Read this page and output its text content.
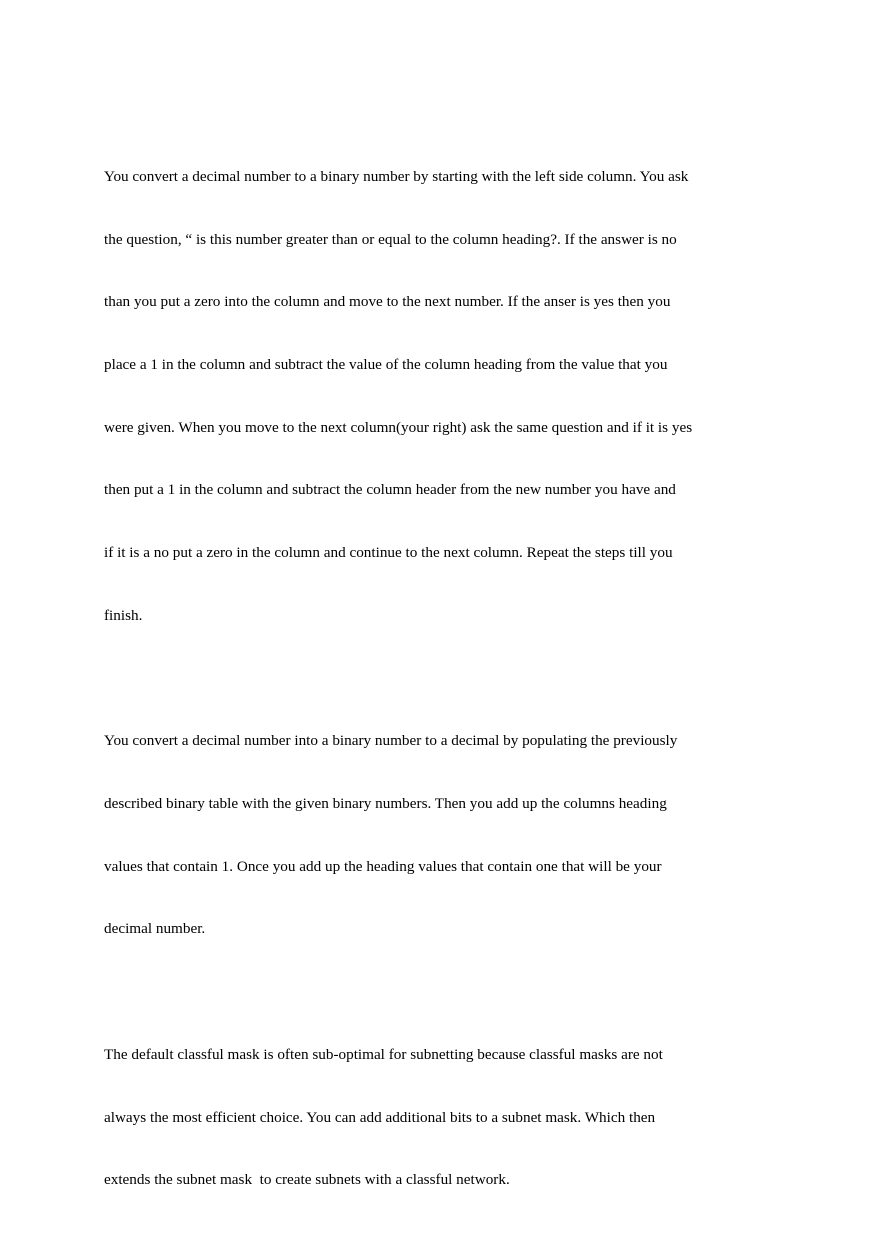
You convert a decimal number to a binary number by starting with the left side column. You ask

the question, “ is this number greater than or equal to the column heading?. If the answer is no

than you put a zero into the column and move to the next number. If the anser is yes then you

place a 1 in the column and subtract the value of the column heading from the value that you

were given. When you move to the next column(your right) ask the same question and if it is yes

then put a 1 in the column and subtract the column header from the new number you have and

if it is a no put a zero in the column and continue to the next column. Repeat the steps till you

finish.

You convert a decimal number into a binary number to a decimal by populating the previously

described binary table with the given binary numbers. Then you add up the columns heading

values that contain 1. Once you add up the heading values that contain one that will be your

decimal number.

The default classful mask is often sub-optimal for subnetting because classful masks are not

always the most efficient choice. You can add additional bits to a subnet mask. Which then

extends the subnet mask  to create subnets with a classful network.
